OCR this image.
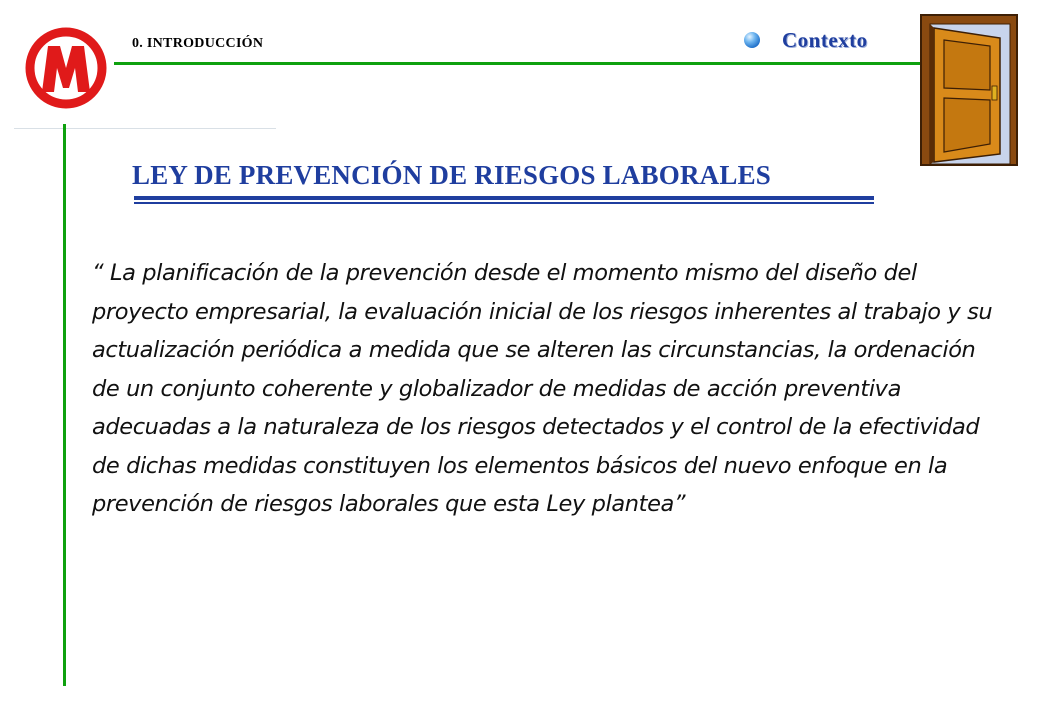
0. INTRODUCCIÓN	Contexto
LEY DE PREVENCIÓN DE RIESGOS LABORALES

“ La planificación de la prevención desde el momento mismo del diseño del
proyecto empresarial, la evaluación inicial de los riesgos inherentes al trabajo y su
actualización periódica a medida que se alteren las circunstancias, la ordenación
de un conjunto coherente y globalizador de medidas de acción preventiva
adecuadas a la naturaleza de los riesgos detectados y el control de la efectividad
de dichas medidas constituyen los elementos básicos del nuevo enfoque en la
prevención de riesgos laborales que esta Ley plantea”
